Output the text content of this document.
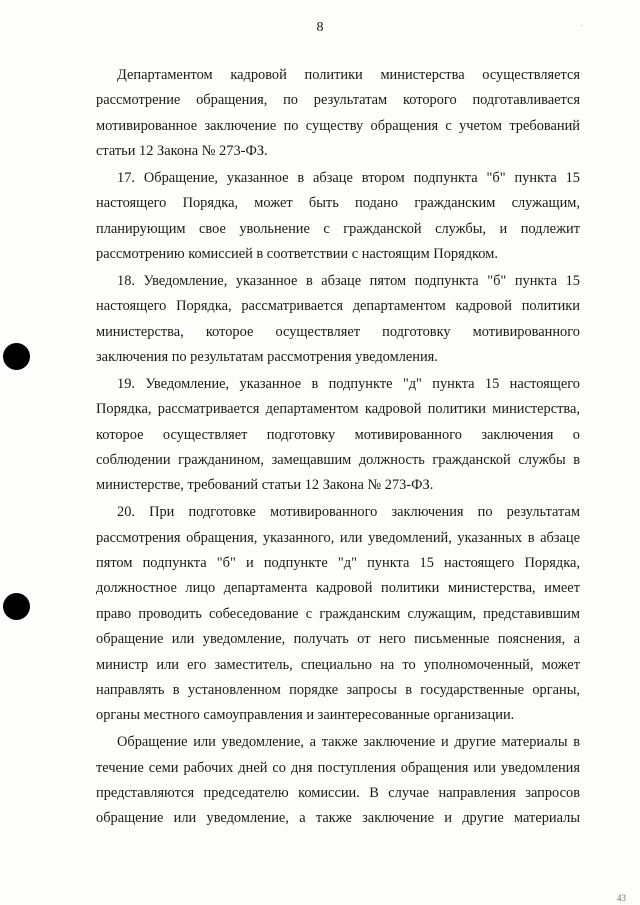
8
Департаментом кадровой политики министерства осуществляется
рассмотрение обращения, по результатам которого подготавливается
мотивированное заключение по существу обращения с учетом требований
статьи 12 Закона № 273-ФЗ.
17. Обращение, указанное в абзаце втором подпункта "б" пункта 15
настоящего Порядка, может быть подано гражданским служащим,
планирующим свое увольнение с гражданской службы, и подлежит
рассмотрению комиссией в соответствии с настоящим Порядком.
18. Уведомление, указанное в абзаце пятом подпункта "б" пункта 15
настоящего Порядка, рассматривается департаментом кадровой политики
министерства, которое осуществляет подготовку мотивированного
заключения по результатам рассмотрения уведомления.
19. Уведомление, указанное в подпункте "д" пункта 15 настоящего
Порядка, рассматривается департаментом кадровой политики министерства,
которое осуществляет подготовку мотивированного заключения о
соблюдении гражданином, замещавшим должность гражданской службы в
министерстве, требований статьи 12 Закона № 273-ФЗ.
20. При подготовке мотивированного заключения по результатам
рассмотрения обращения, указанного, или уведомлений, указанных в абзаце
пятом подпункта "б" и подпункте "д" пункта 15 настоящего Порядка,
должностное лицо департамента кадровой политики министерства, имеет
право проводить собеседование с гражданским служащим, представившим
обращение или уведомление, получать от него письменные пояснения, а
министр или его заместитель, специально на то уполномоченный, может
направлять в установленном порядке запросы в государственные органы,
органы местного самоуправления и заинтересованные организации.
Обращение или уведомление, а также заключение и другие материалы в
течение семи рабочих дней со дня поступления обращения или уведомления
представляются председателю комиссии. В случае направления запросов
обращение или уведомление, а также заключение и другие материалы
.
43
